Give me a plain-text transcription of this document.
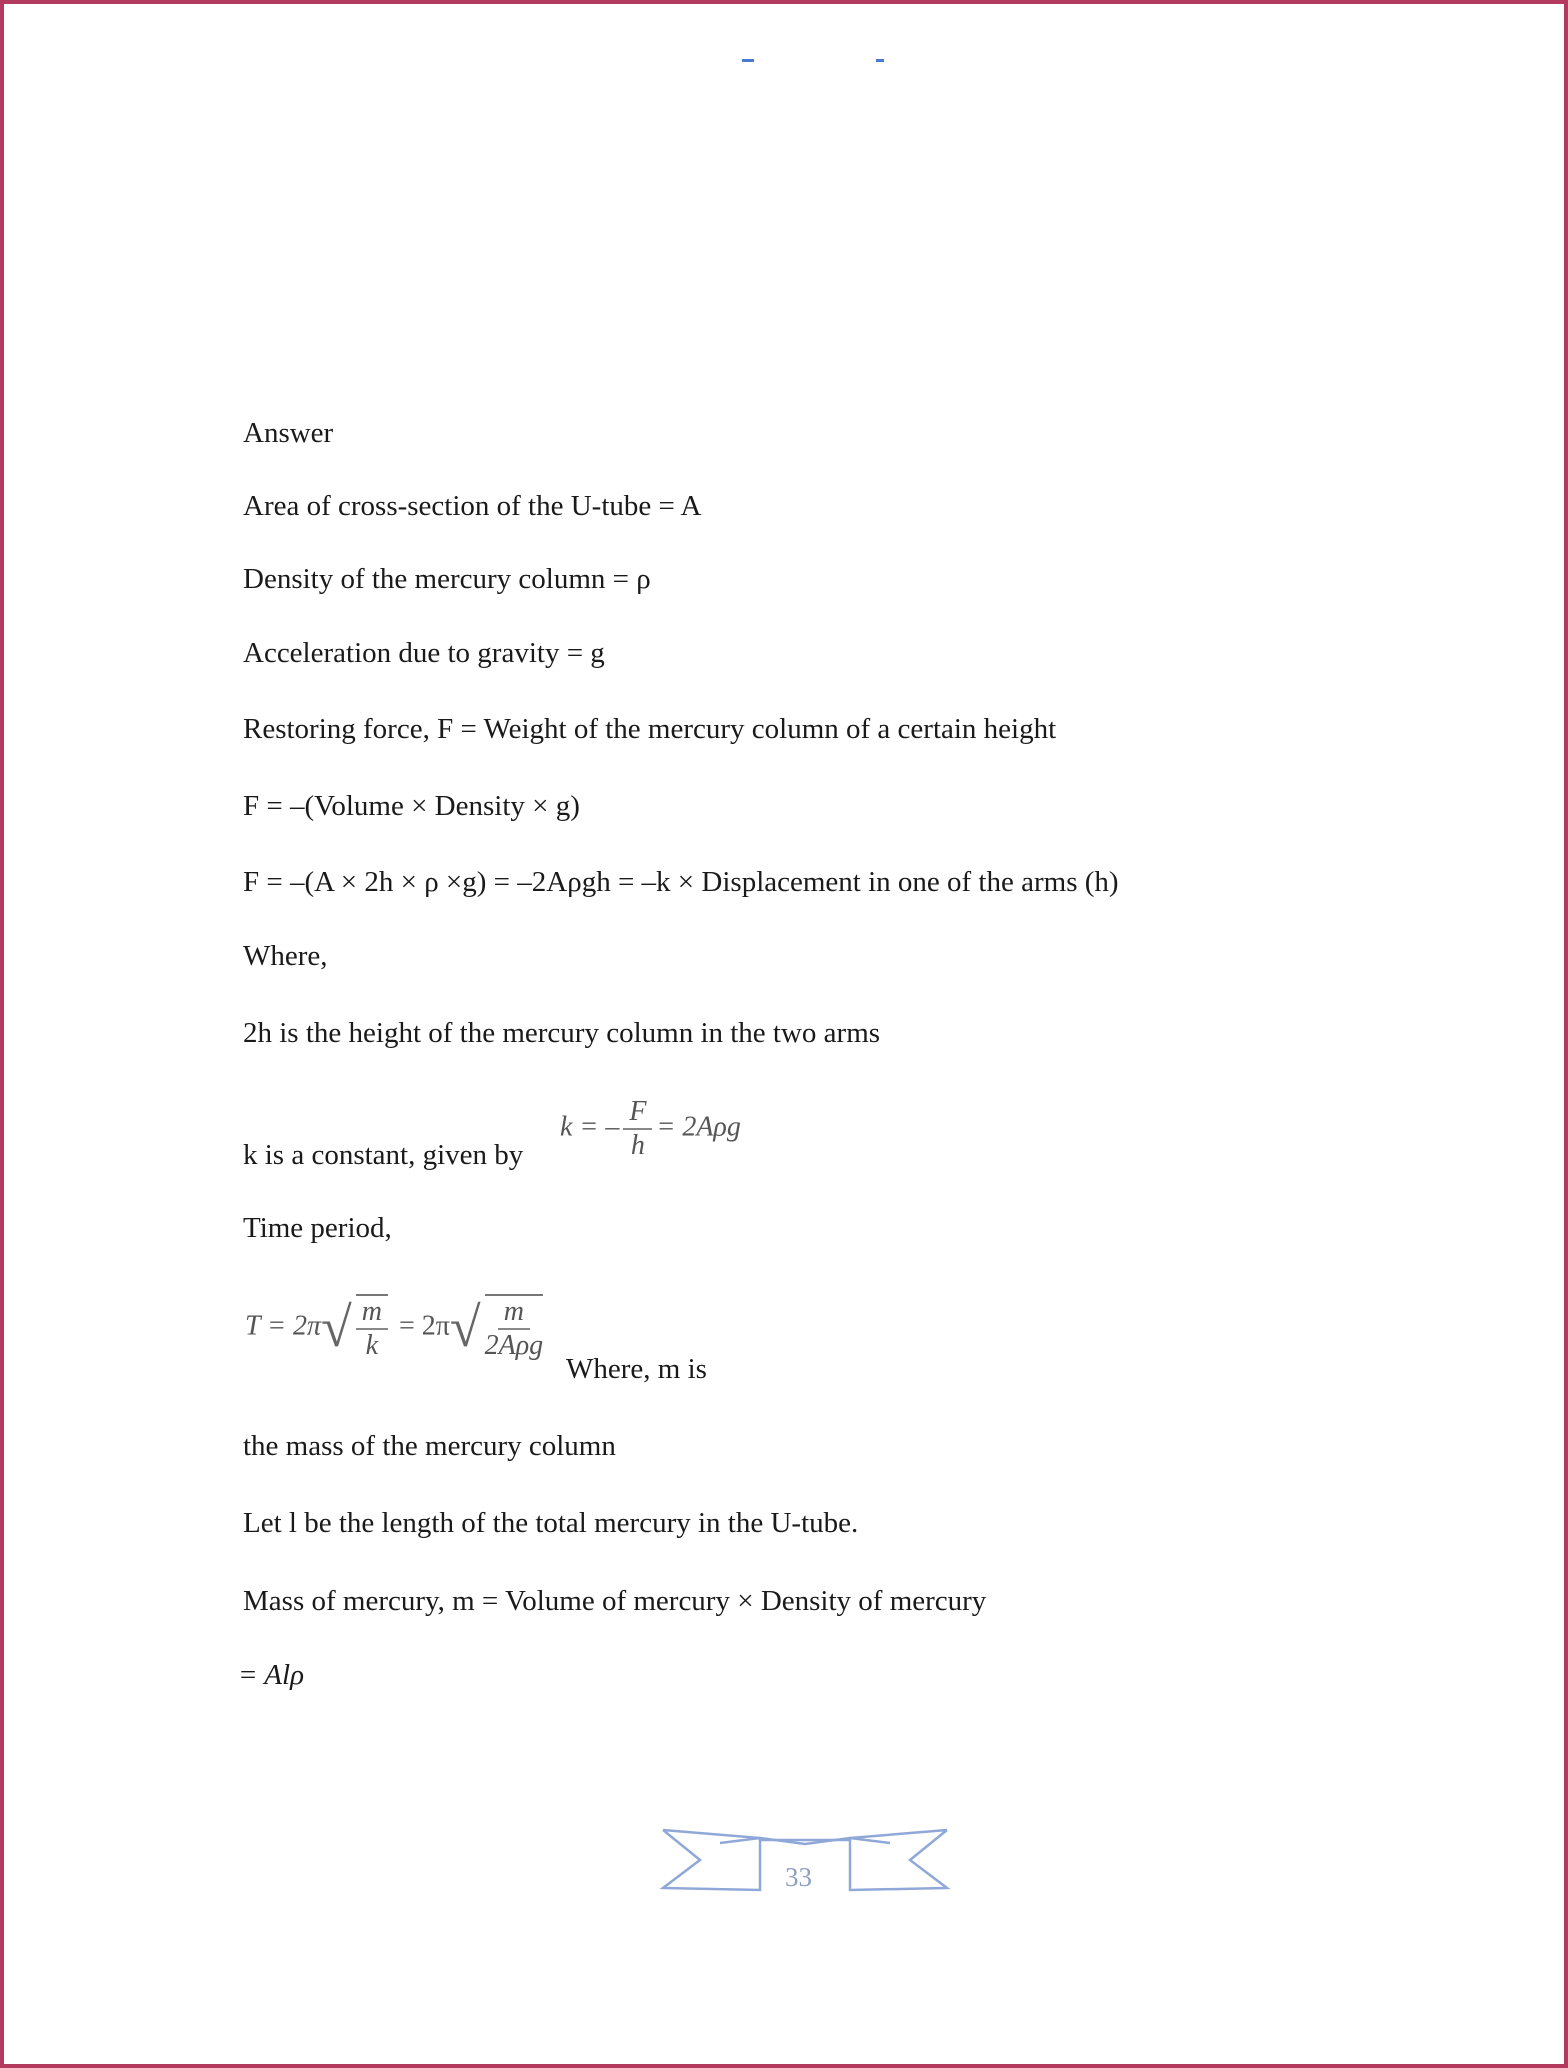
Answer
Area of cross-section of the U-tube = A
Density of the mercury column = ρ
Acceleration due to gravity = g
Restoring force, F = Weight of the mercury column of a certain height
F = –(Volume × Density × g)
F = –(A × 2h × ρ ×g) = –2Aρgh = –k × Displacement in one of the arms (h)
Where,
2h is the height of the mercury column in the two arms
k is a constant, given by
k = – $\frac{F}{h} = 2A\rho g$
Time period,
T = 2π √ $\frac{m}{k} = 2\pi$ √ $\frac{m}{\text{2Aρg}}$
Where, m is
the mass of the mercury column
Let l be the length of the total mercury in the U-tube.
Mass of mercury, m = Volume of mercury × Density of mercury
= Alρ
33
